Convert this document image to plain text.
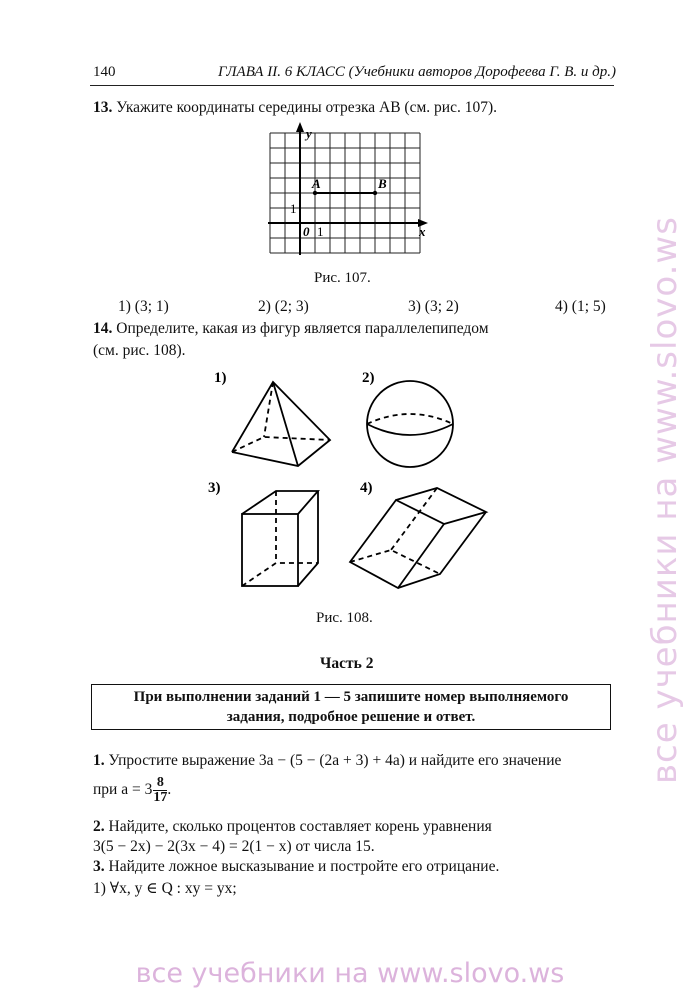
140	ГЛАВА II. 6 КЛАСС (Учебники авторов Дорофеева Г. В. и др.)
13. Укажите координаты середины отрезка AB (см. рис. 107).
y
x
A	B
0 1
1
Рис. 107.
1) (3; 1)	2) (2; 3)	3) (3; 2)	4) (1; 5)
14. Определите, какая из фигур является параллелепипедом
(см. рис. 108).
1)	2)
3)	4)
Рис. 108.
Часть 2
При выполнении заданий 1 — 5 запишите номер выполняемого
задания, подробное решение и ответ.
1. Упростите выражение 3a − (5 − (2a + 3) + 4a) и найдите его значение
при $a = 3 \frac{8}{17}$ .
2. Найдите, сколько процентов составляет корень уравнения
3(5 − 2x) − 2(3x − 4) = 2(1 − x) от числа 15.
3. Найдите ложное высказывание и постройте его отрицание.
1) ∀x, y ∈ Q : xy = yx;
все учебники на www.slovo.ws
все учебники на www.slovo.ws
